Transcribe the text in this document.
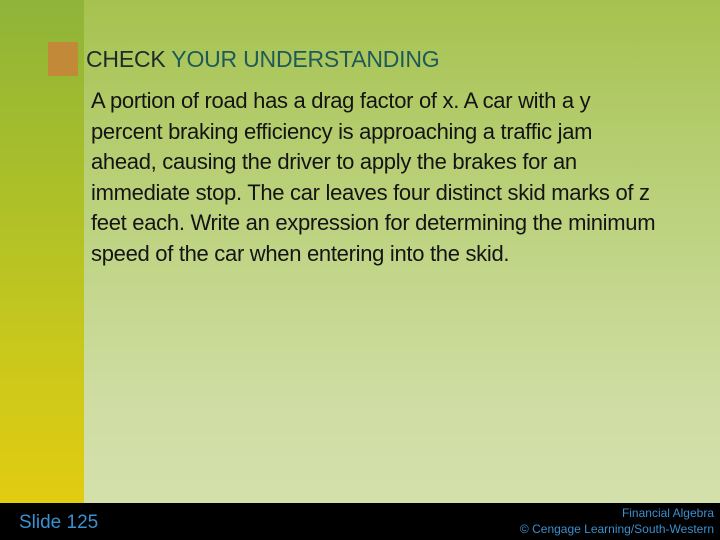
CHECK YOUR UNDERSTANDING
A portion of road has a drag factor of x. A car with a y percent braking efficiency is approaching a traffic jam ahead, causing the driver to apply the brakes for an immediate stop. The car leaves four distinct skid marks of z feet each. Write an expression for determining the minimum speed of the car when entering into the skid.
Slide 125	Financial Algebra
© Cengage Learning/South-Western
